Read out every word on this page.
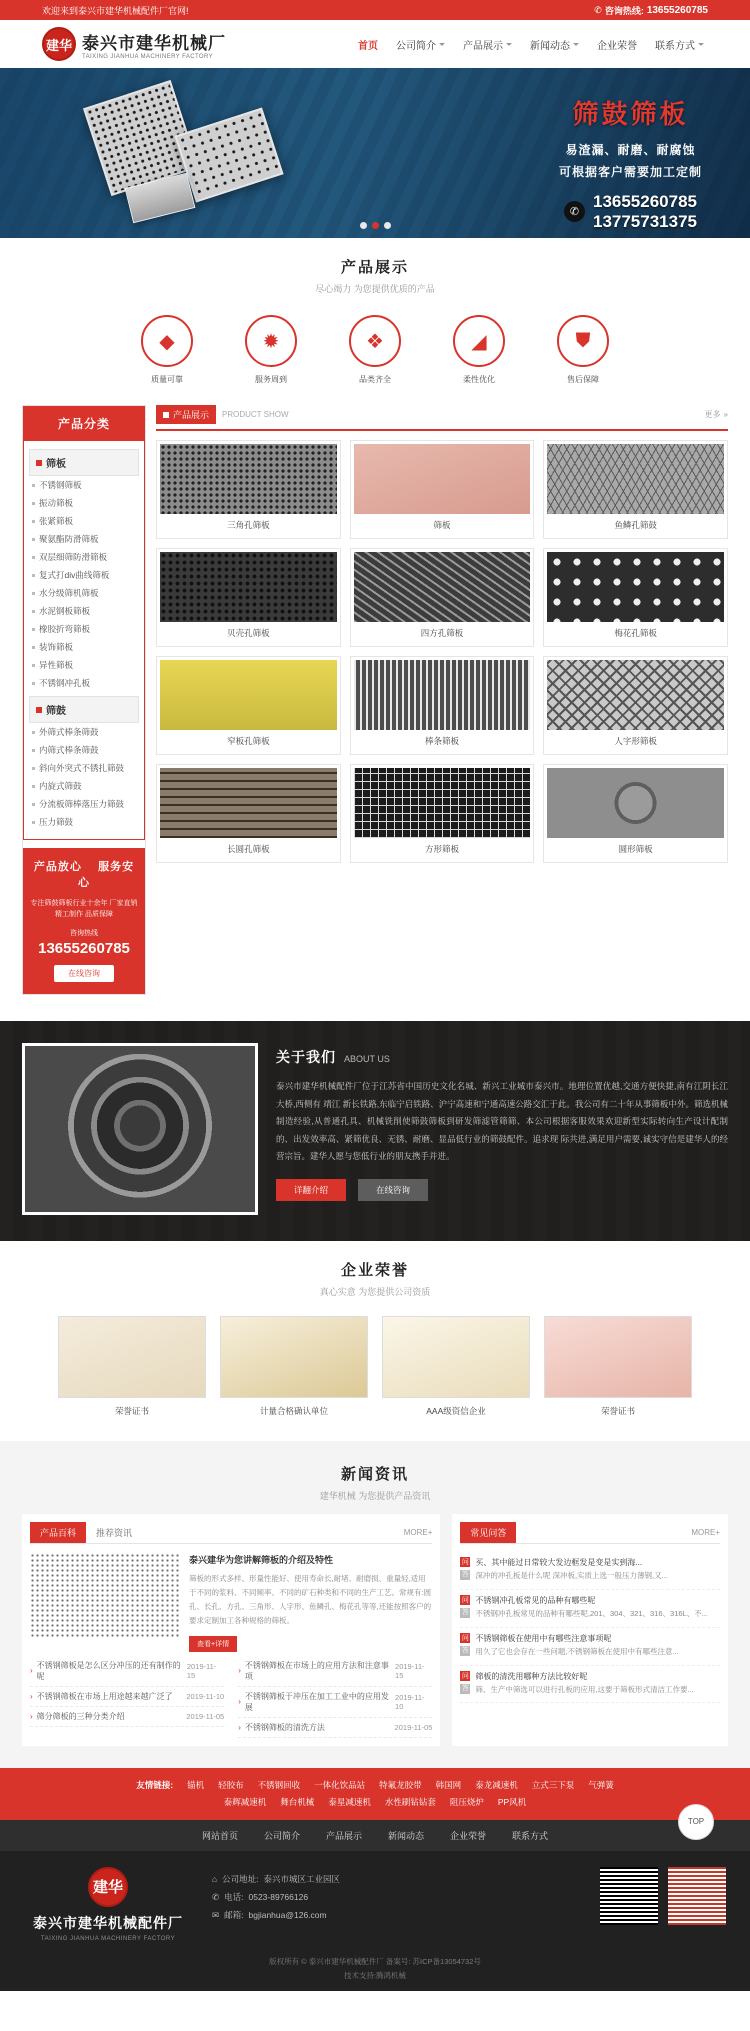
欢迎来到泰兴市建华机械配件厂官网!	✆ 咨询热线: 13655260785
建华 泰兴市建华机械厂
TAIXING JIANHUA MACHINERY FACTORY
首页 公司简介	产品展示	新闻动态	企业荣誉 联系方式
筛鼓筛板
易渣漏、耐磨、耐腐蚀
可根据客户需要加工定制
✆
13655260785
13775731375
产品展示
尽心竭力 为您提供优质的产品
◆
质量可靠
✹
服务周到
❖
品类齐全
◢
柔性优化
⛊
售后保障
产品分类
筛板
不锈钢筛板
振动筛板
张紧筛板
聚氨酯防滑筛板
双层细筛防滑筛板
复式打div曲线筛板
水分级筛机筛板
水泥钢板筛板
橡胶折弯筛板
装饰筛板
异性筛板
不锈钢冲孔板
筛鼓
外筛式棒条筛鼓
内筛式棒条筛鼓
斜向外突式不锈扎筛鼓
内旋式筛鼓
分流板筛棒落压力筛鼓
压力筛鼓
产品放心 服务安心
专注筛鼓筛板行业十余年 厂家直销 精工制作 品质保障
咨询热线
13655260785
在线咨询
产品展示 PRODUCT SHOW	更多 »
三角孔筛板	筛板	鱼鳞孔筛鼓
贝壳孔筛板	四方孔筛板	梅花孔筛板
窄板孔筛板	棒条筛板	人字形筛板
长圆孔筛板	方形筛板	圆形筛板
关于我们 ABOUT US

泰兴市建华机械配件厂位于江苏省中国历史文化名城、新兴工业城市泰兴市。地理位置优越,交通方便快捷,南有江阴长江大桥,西侧有 靖江 新长铁路,东临宁启铁路、沪宁高速和宁通高速公路交汇于此。我公司有二十年从事筛板中外。筛选机械制造经验,从普通孔具、机械铣削使筛鼓筛板到研发筛滤管筛筛、本公司根据客服效果欢迎新型实际转向生产设计配制的、出发效率高、紧筛优良、无锈、耐磨、显品低行业的筛鼓配件。追求现 际共进,满足用户需要,诚实守信是建华人的经营宗旨。建华人愿与您低行业的朋友携手并进。

详翻介绍	在线咨询
企业荣誉
真心实意 为您提供公司资质
荣誉证书	计量合格确认单位	AAA级资信企业	荣誉证书
新闻资讯
建华机械 为您提供产品资讯
产品百科	推荐资讯	MORE+
泰兴建华为您讲解筛板的介绍及特性
筛板的形式多样、形量性能好、使用寿命长,耐堵、耐磨损、重量轻,适用于不同的浆料、不同频率、不同的矿石种类和不同的生产工艺。常规有:圆孔、长孔、方孔、三角形、人字形、鱼鳞孔、梅花孔等等,还能按照客户的要求定制加工各种规格的筛板。
查看+详情
›
不锈钢筛板是怎么区分冲压的还有制作的呢
2019-11-15
› 不锈钢筛板在市场上用途越来越广泛了 2019-11-10
› 筛分筛板的三种分类介绍	2019-11-05
›
不锈钢筛板在市场上的应用方法和注意事项
2019-11-15
›
不锈钢筛板于冲压在加工工业中的应用发展
2019-11-10
› 不锈钢筛板的清洗方法	2019-11-05
常见问答	MORE+
问 买、其中能过日常较大发边框发是变是实到海...
答 深冲的冲孔板是什么呢 深冲板,实质上选一般压力薄钢,又...
问 不锈钢冲孔板常见的品种有哪些呢
答 不锈钢冲孔板常见的品种有哪些呢,201、304、321、316、316L、不...
问 不锈钢筛板在使用中有哪些注意事项呢
答 用久了它也会存在一些问题,不锈钢筛板在使用中有哪些注意...
问 筛板的清洗用哪种方法比较好呢
答 筛、生产中筛选可以进行孔板的应用,这要于筛板形式清洁工作要...
友情链接: 锚机 轻胶布 不锈钢回收 一体化饮品站 特氟龙胶带 韩国网 泰龙减速机 立式三下泵 气弹簧
泰辉减速机 舞台机械 泰星减速机 水性刷钻钻套 阻压烧炉 PP风机
网站首页	公司简介	产品展示	新闻动态	企业荣誉	联系方式
TOP
建华
泰兴市建华机械配件厂
TAIXING JIANHUA MACHINERY FACTORY
⌂ 公司地址: 泰兴市城区工业园区
✆ 电话: 0523-89766126
✉ 邮箱: bgjianhua@126.com
版权所有 © 泰兴市建华机械配件厂 备案号: 苏ICP备13054732号
技术支持:腾鸿机械
